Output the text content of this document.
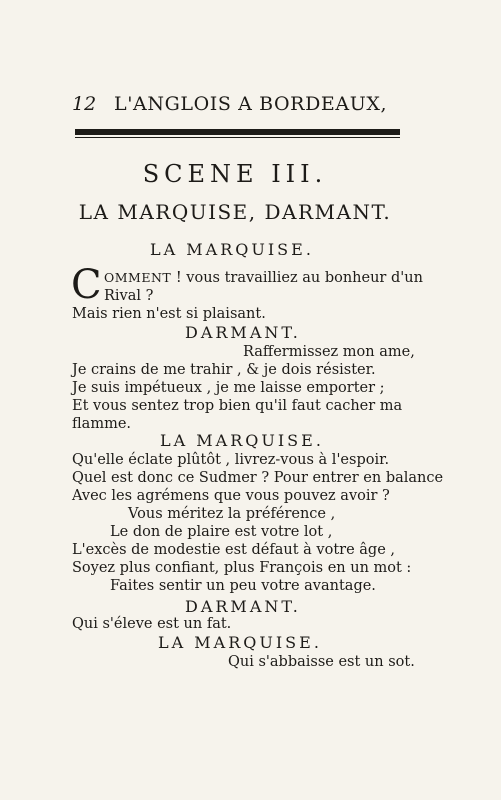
12 L'ANGLOIS A BORDEAUX,
SCENE III.
LA MARQUISE, DARMANT.
LA MARQUISE.
C OMMENT ! vous travailliez au bonheur d'un
Rival ?
Mais rien n'est si plaisant.
DARMANT.
Raffermissez mon ame,
Je crains de me trahir , & je dois résister.
Je suis impétueux , je me laisse emporter ;
Et vous sentez trop bien qu'il faut cacher ma
flamme.
LA MARQUISE.
Qu'elle éclate plûtôt , livrez-vous à l'espoir.
Quel est donc ce Sudmer ? Pour entrer en balance
Avec les agrémens que vous pouvez avoir ?
Vous méritez la préférence ,
Le don de plaire est votre lot ,
L'excès de modestie est défaut à votre âge ,
Soyez plus confiant, plus François en un mot :
Faites sentir un peu votre avantage.
DARMANT.
Qui s'éleve est un fat.
LA MARQUISE.
Qui s'abbaisse est un sot.
